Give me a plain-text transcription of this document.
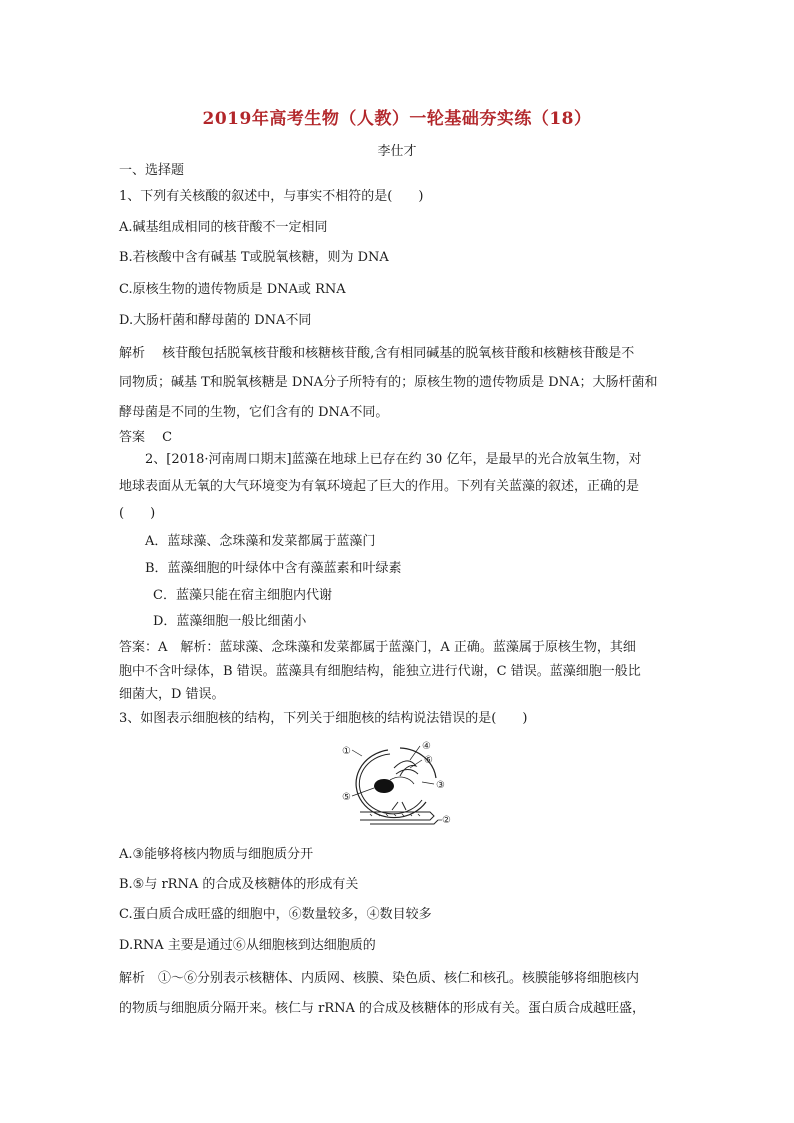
2019年高考生物（人教）一轮基础夯实练（18）
李仕才
一、选择题
1、下列有关核酸的叙述中，与事实不相符的是(　　)
A.碱基组成相同的核苷酸不一定相同
B.若核酸中含有碱基 T或脱氧核糖，则为 DNA
C.原核生物的遗传物质是 DNA或 RNA
D.大肠杆菌和酵母菌的 DNA不同
解析　 核苷酸包括脱氧核苷酸和核糖核苷酸,含有相同碱基的脱氧核苷酸和核糖核苷酸是不
同物质；碱基 T和脱氧核糖是 DNA分子所特有的；原核生物的遗传物质是 DNA；大肠杆菌和
酵母菌是不同的生物，它们含有的 DNA不同。
答案　 C
2、[2018·河南周口期末]蓝藻在地球上已存在约 30 亿年，是最早的光合放氧生物，对
地球表面从无氧的大气环境变为有氧环境起了巨大的作用。下列有关蓝藻的叙述，正确的是
(　　)
A．蓝球藻、念珠藻和发菜都属于蓝藻门
B．蓝藻细胞的叶绿体中含有藻蓝素和叶绿素
C．蓝藻只能在宿主细胞内代谢
D．蓝藻细胞一般比细菌小
答案：A　解析：蓝球藻、念珠藻和发菜都属于蓝藻门，A 正确。蓝藻属于原核生物，其细
胞中不含叶绿体，B 错误。蓝藻具有细胞结构，能独立进行代谢，C 错误。蓝藻细胞一般比
细菌大，D 错误。
3、如图表示细胞核的结构，下列关于细胞核的结构说法错误的是(　　)
①
②
③
④
⑤
⑥
A.③能够将核内物质与细胞质分开
B.⑤与 rRNA 的合成及核糖体的形成有关
C.蛋白质合成旺盛的细胞中，⑥数量较多，④数目较多
D.RNA 主要是通过⑥从细胞核到达细胞质的
解析　①～⑥分别表示核糖体、内质网、核膜、染色质、核仁和核孔。核膜能够将细胞核内
的物质与细胞质分隔开来。核仁与 rRNA 的合成及核糖体的形成有关。蛋白质合成越旺盛，
